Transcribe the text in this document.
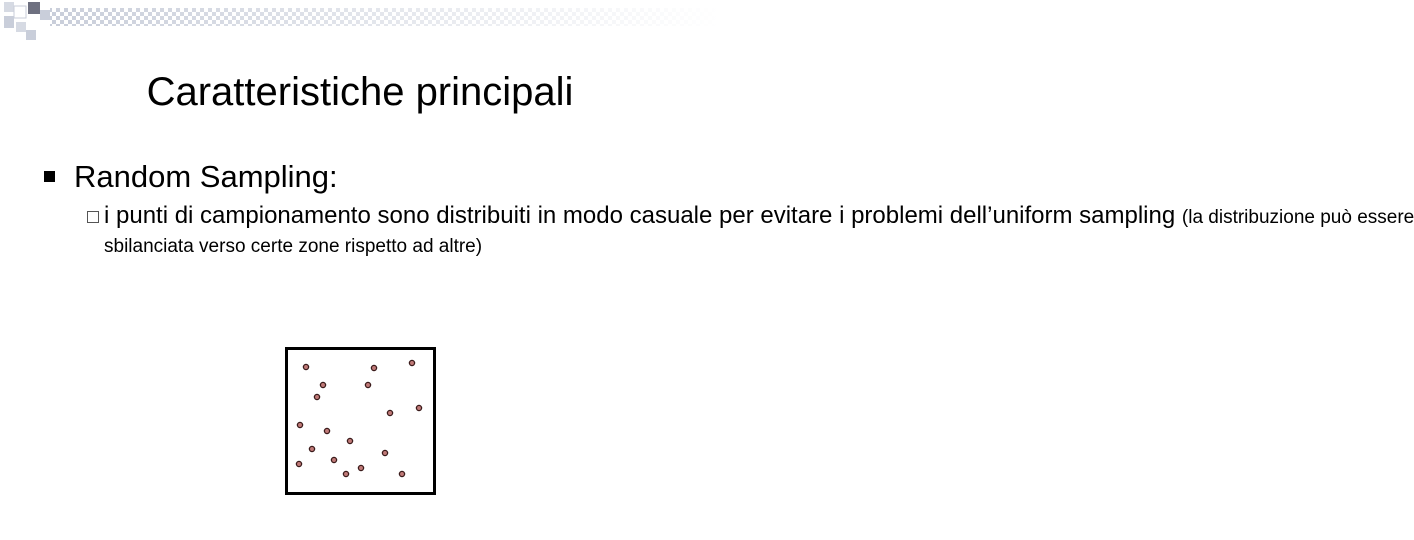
Caratteristiche principali
Random Sampling:
i punti di campionamento sono distribuiti in modo casuale per evitare i problemi dell’uniform sampling (la distribuzione può essere
sbilanciata verso certe zone rispetto ad altre)
